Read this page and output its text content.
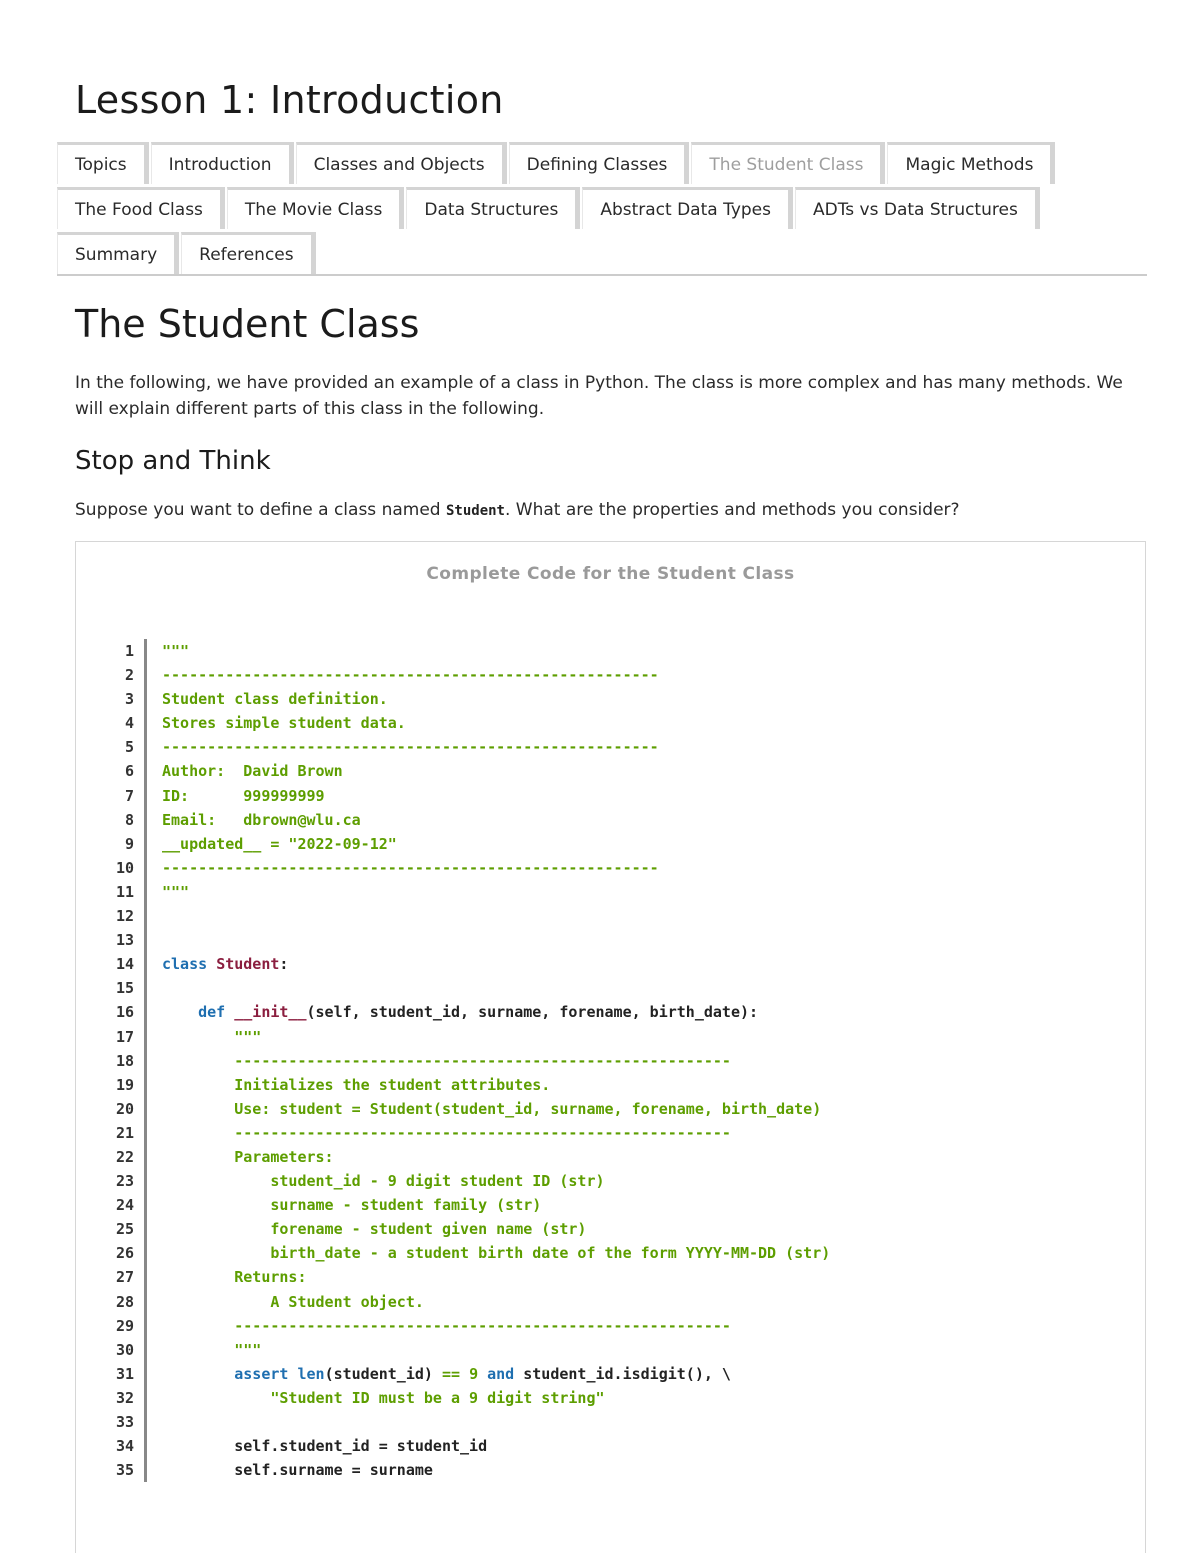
Lesson 1: Introduction
Topics	Introduction	Classes and Objects	Defining Classes	The Student Class	Magic Methods
The Food Class	The Movie Class	Data Structures	Abstract Data Types	ADTs vs Data Structures
Summary	References
The Student Class

In the following, we have provided an example of a class in Python. The class is more complex and has many methods. We will explain different parts of this class in the following.

Stop and Think

Suppose you want to define a class named Student. What are the properties and methods you consider?

Complete Code for the Student Class
1 """
2 -------------------------------------------------------
3 Student class definition.
4 Stores simple student data.
5 -------------------------------------------------------
6 Author:  David Brown
7 ID:      999999999
8 Email:   dbrown@wlu.ca
9 __updated__ = "2022-09-12"
10 -------------------------------------------------------
11 """
12
13
14 class Student:
15
16	def __init__(self, student_id, surname, forename, birth_date):
17 """
18 -------------------------------------------------------
19 Initializes the student attributes.
20 Use: student = Student(student_id, surname, forename, birth_date)
21 -------------------------------------------------------
22 Parameters:
23 student_id - 9 digit student ID (str)
24 surname - student family (str)
25 forename - student given name (str)
26 birth_date - a student birth date of the form YYYY-MM-DD (str)
27 Returns:
28 A Student object.
29 -------------------------------------------------------
30 """
31	assert len(student_id) == 9 and student_id.isdigit(), \
32 "Student ID must be a 9 digit string"
33
34 self.student_id = student_id
35 self.surname = surname
